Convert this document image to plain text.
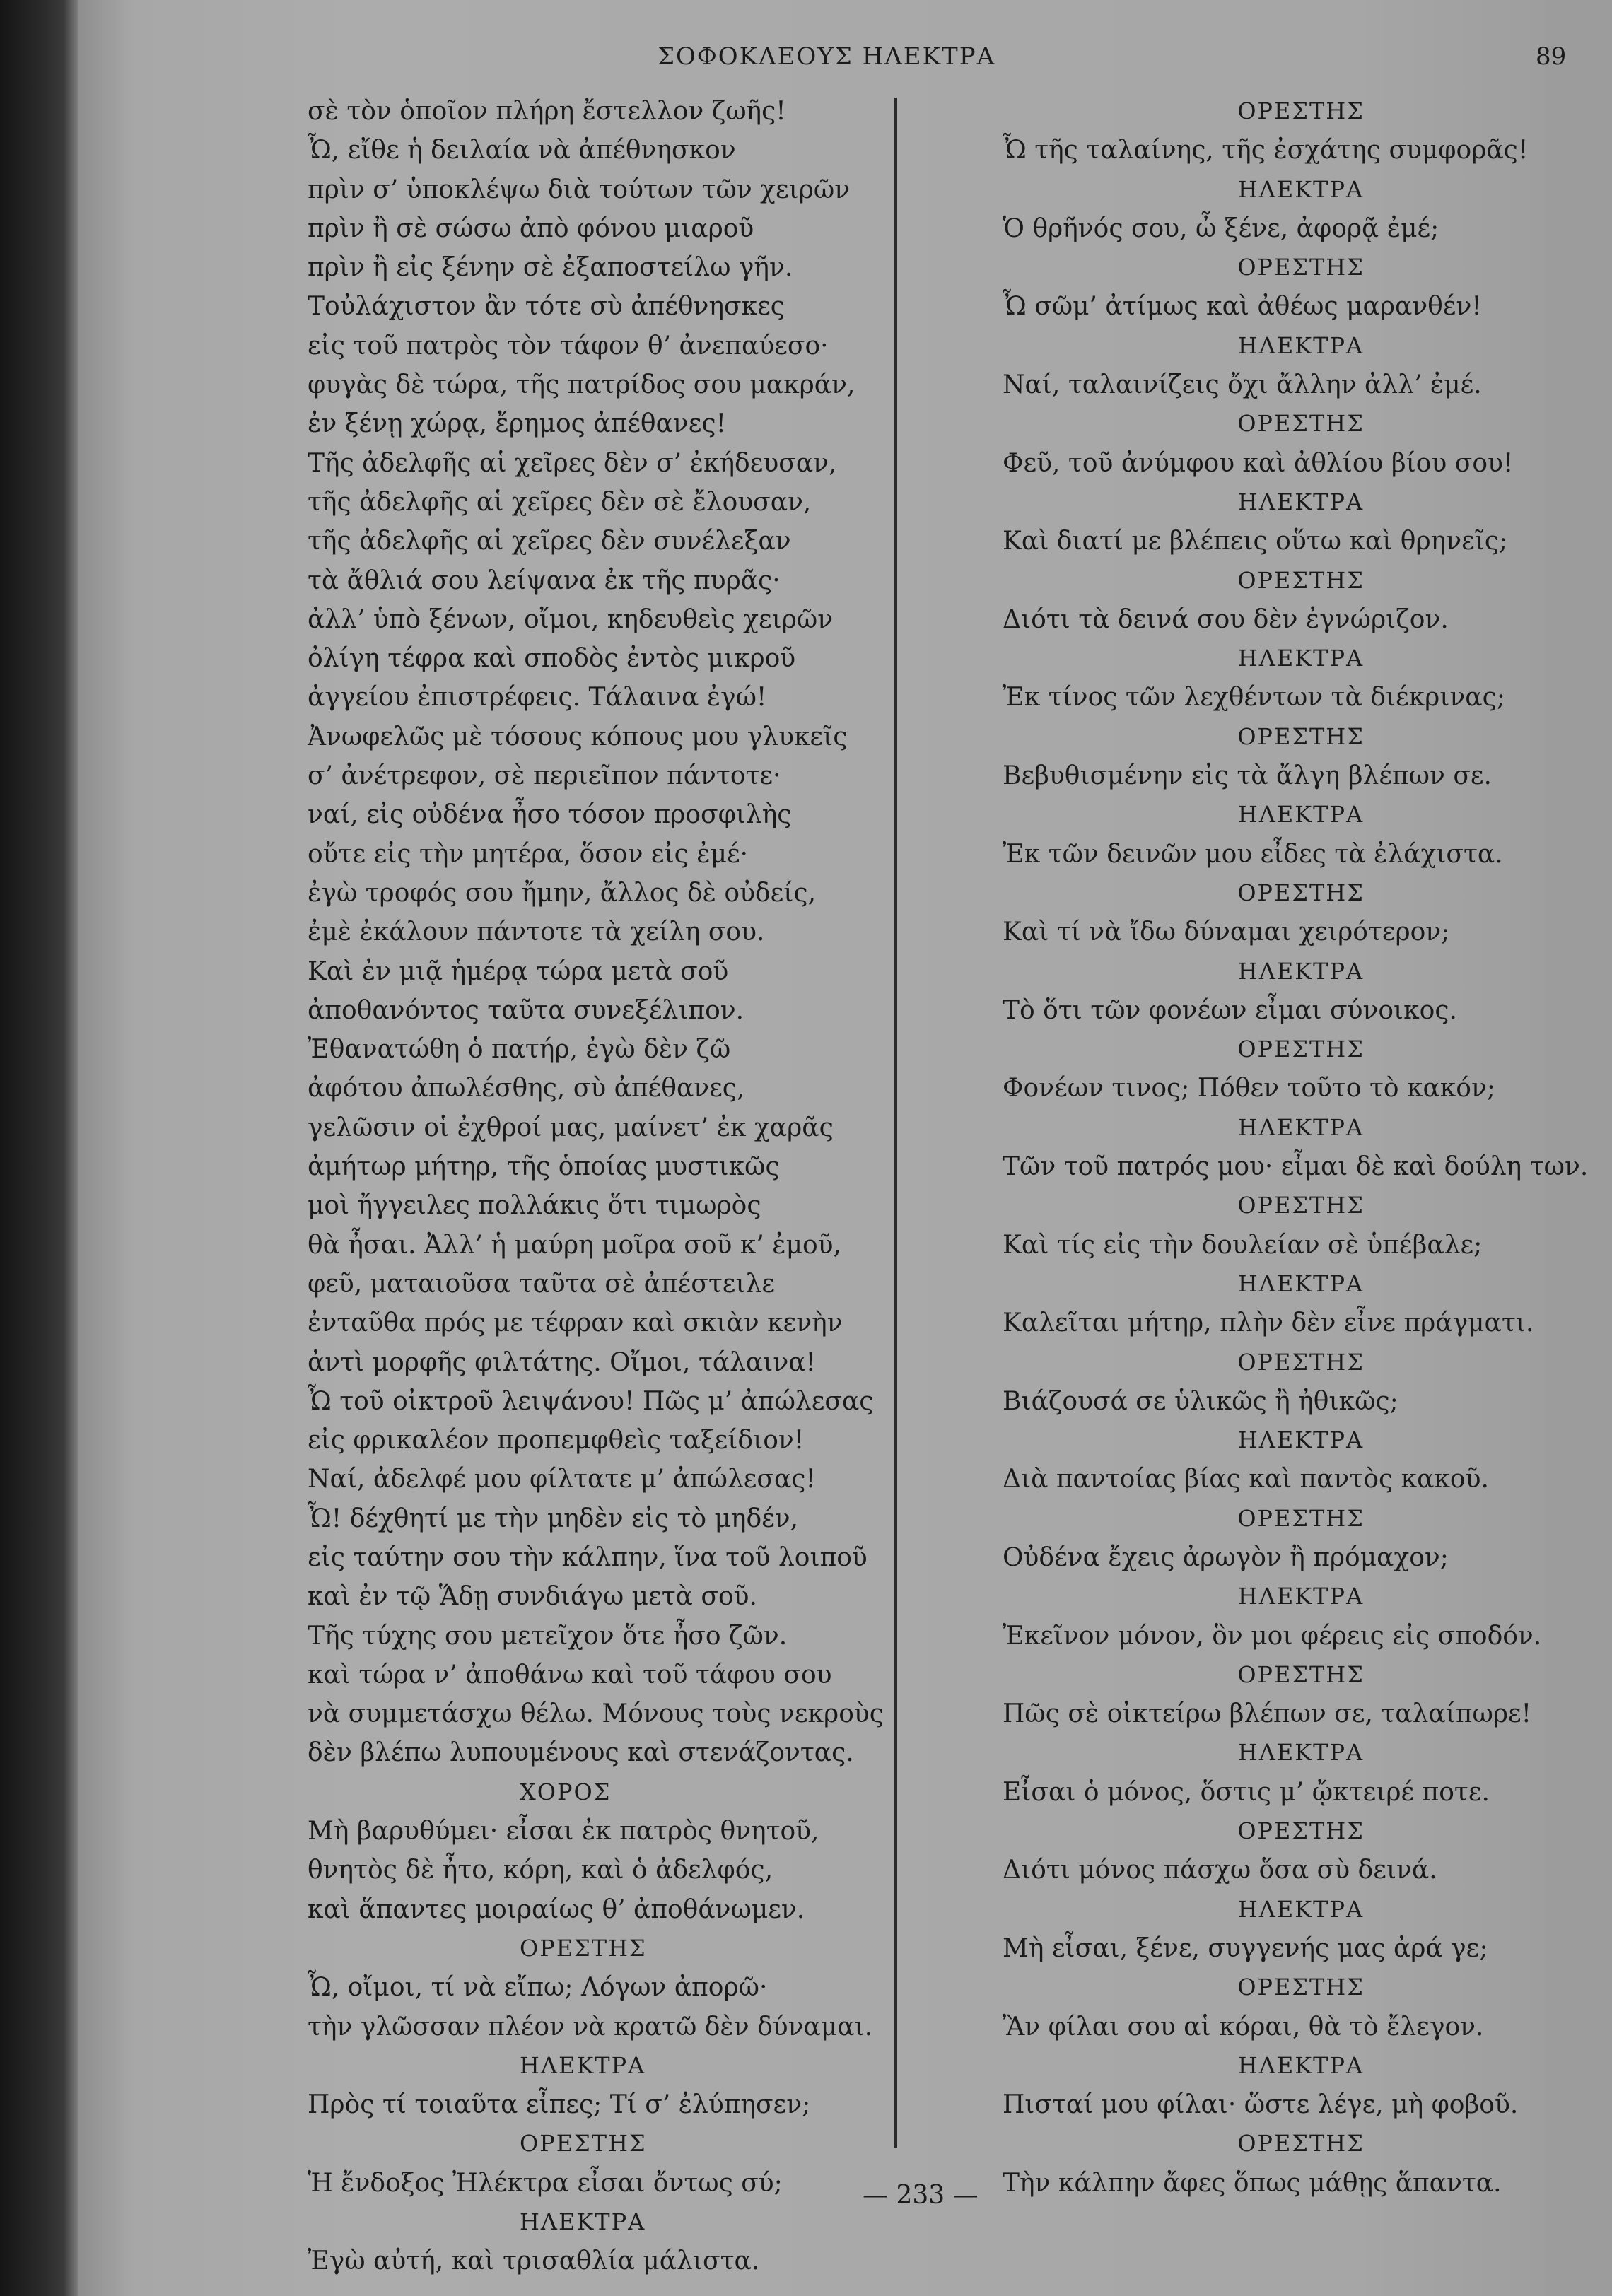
ΣΟΦΟΚΛΕΟΥΣ ΗΛΕΚΤΡΑ	89
σὲ τὸν ὁποῖον πλήρη ἔστελλον ζωῆς!
Ὦ, εἴθε ἡ δειλαία νὰ ἀπέθνησκον
πρὶν σ’ ὑποκλέψω διὰ τούτων τῶν χειρῶν
πρὶν ἢ σὲ σώσω ἀπὸ φόνου μιαροῦ
πρὶν ἢ εἰς ξένην σὲ ἐξαποστείλω γῆν.
Τοὐλάχιστον ἂν τότε σὺ ἀπέθνησκες
εἰς τοῦ πατρὸς τὸν τάφον θ’ ἀνεπαύεσο·
φυγὰς δὲ τώρα, τῆς πατρίδος σου μακράν,
ἐν ξένῃ χώρᾳ, ἔρημος ἀπέθανες!
Τῆς ἀδελφῆς αἱ χεῖρες δὲν σ’ ἐκήδευσαν,
τῆς ἀδελφῆς αἱ χεῖρες δὲν σὲ ἔλουσαν,
τῆς ἀδελφῆς αἱ χεῖρες δὲν συνέλεξαν
τὰ ἄθλιά σου λείψανα ἐκ τῆς πυρᾶς·
ἀλλ’ ὑπὸ ξένων, οἴμοι, κηδευθεὶς χειρῶν
ὀλίγη τέφρα καὶ σποδὸς ἐντὸς μικροῦ
ἀγγείου ἐπιστρέφεις. Τάλαινα ἐγώ!
Ἀνωφελῶς μὲ τόσους κόπους μου γλυκεῖς
σ’ ἀνέτρεφον, σὲ περιεῖπον πάντοτε·
ναί, εἰς οὐδένα ἦσο τόσον προσφιλὴς
οὔτε εἰς τὴν μητέρα, ὅσον εἰς ἐμέ·
ἐγὼ τροφός σου ἤμην, ἄλλος δὲ οὐδείς,
ἐμὲ ἐκάλουν πάντοτε τὰ χείλη σου.
Καὶ ἐν μιᾷ ἡμέρᾳ τώρα μετὰ σοῦ
ἀποθανόντος ταῦτα συνεξέλιπον.
Ἐθανατώθη ὁ πατήρ, ἐγὼ δὲν ζῶ
ἀφότου ἀπωλέσθης, σὺ ἀπέθανες,
γελῶσιν οἱ ἐχθροί μας, μαίνετ’ ἐκ χαρᾶς
ἀμήτωρ μήτηρ, τῆς ὁποίας μυστικῶς
μοὶ ἤγγειλες πολλάκις ὅτι τιμωρὸς
θὰ ἦσαι. Ἀλλ’ ἡ μαύρη μοῖρα σοῦ κ’ ἐμοῦ,
φεῦ, ματαιοῦσα ταῦτα σὲ ἀπέστειλε
ἐνταῦθα πρός με τέφραν καὶ σκιὰν κενὴν
ἀντὶ μορφῆς φιλτάτης. Οἴμοι, τάλαινα!
Ὦ τοῦ οἰκτροῦ λειψάνου! Πῶς μ’ ἀπώλεσας
εἰς φρικαλέον προπεμφθεὶς ταξείδιον!
Ναί, ἀδελφέ μου φίλτατε μ’ ἀπώλεσας!
Ὦ! δέχθητί με τὴν μηδὲν εἰς τὸ μηδέν,
εἰς ταύτην σου τὴν κάλπην, ἵνα τοῦ λοιποῦ
καὶ ἐν τῷ Ἅδῃ συνδιάγω μετὰ σοῦ.
Τῆς τύχης σου μετεῖχον ὅτε ἦσο ζῶν.
καὶ τώρα ν’ ἀποθάνω καὶ τοῦ τάφου σου
νὰ συμμετάσχω θέλω. Μόνους τοὺς νεκροὺς
δὲν βλέπω λυπουμένους καὶ στενάζοντας.
ΧΟΡΟΣ
Μὴ βαρυθύμει· εἶσαι ἐκ πατρὸς θνητοῦ,
θνητὸς δὲ ἦτο, κόρη, καὶ ὁ ἀδελφός,
καὶ ἅπαντες μοιραίως θ’ ἀποθάνωμεν.
ΟΡΕΣΤΗΣ
Ὦ, οἴμοι, τί νὰ εἴπω; Λόγων ἀπορῶ·
τὴν γλῶσσαν πλέον νὰ κρατῶ δὲν δύναμαι.
ΗΛΕΚΤΡΑ
Πρὸς τί τοιαῦτα εἶπες; Τί σ’ ἐλύπησεν;
ΟΡΕΣΤΗΣ
Ἡ ἔνδοξος Ἠλέκτρα εἶσαι ὄντως σύ;
ΗΛΕΚΤΡΑ
Ἐγὼ αὐτή, καὶ τρισαθλία μάλιστα.
ΟΡΕΣΤΗΣ
Ὦ τῆς ταλαίνης, τῆς ἐσχάτης συμφορᾶς!
ΗΛΕΚΤΡΑ
Ὁ θρῆνός σου, ὦ ξένε, ἀφορᾷ ἐμέ;
ΟΡΕΣΤΗΣ
Ὦ σῶμ’ ἀτίμως καὶ ἀθέως μαρανθέν!
ΗΛΕΚΤΡΑ
Ναί, ταλαινίζεις ὄχι ἄλλην ἀλλ’ ἐμέ.
ΟΡΕΣΤΗΣ
Φεῦ, τοῦ ἀνύμφου καὶ ἀθλίου βίου σου!
ΗΛΕΚΤΡΑ
Καὶ διατί με βλέπεις οὕτω καὶ θρηνεῖς;
ΟΡΕΣΤΗΣ
Διότι τὰ δεινά σου δὲν ἐγνώριζον.
ΗΛΕΚΤΡΑ
Ἐκ τίνος τῶν λεχθέντων τὰ διέκρινας;
ΟΡΕΣΤΗΣ
Βεβυθισμένην εἰς τὰ ἄλγη βλέπων σε.
ΗΛΕΚΤΡΑ
Ἐκ τῶν δεινῶν μου εἶδες τὰ ἐλάχιστα.
ΟΡΕΣΤΗΣ
Καὶ τί νὰ ἴδω δύναμαι χειρότερον;
ΗΛΕΚΤΡΑ
Τὸ ὅτι τῶν φονέων εἶμαι σύνοικος.
ΟΡΕΣΤΗΣ
Φονέων τινος; Πόθεν τοῦτο τὸ κακόν;
ΗΛΕΚΤΡΑ
Τῶν τοῦ πατρός μου· εἶμαι δὲ καὶ δούλη των.
ΟΡΕΣΤΗΣ
Καὶ τίς εἰς τὴν δουλείαν σὲ ὑπέβαλε;
ΗΛΕΚΤΡΑ
Καλεῖται μήτηρ, πλὴν δὲν εἶνε πράγματι.
ΟΡΕΣΤΗΣ
Βιάζουσά σε ὑλικῶς ἢ ἠθικῶς;
ΗΛΕΚΤΡΑ
Διὰ παντοίας βίας καὶ παντὸς κακοῦ.
ΟΡΕΣΤΗΣ
Οὐδένα ἔχεις ἀρωγὸν ἢ πρόμαχον;
ΗΛΕΚΤΡΑ
Ἐκεῖνον μόνον, ὃν μοι φέρεις εἰς σποδόν.
ΟΡΕΣΤΗΣ
Πῶς σὲ οἰκτείρω βλέπων σε, ταλαίπωρε!
ΗΛΕΚΤΡΑ
Εἶσαι ὁ μόνος, ὅστις μ’ ᾤκτειρέ ποτε.
ΟΡΕΣΤΗΣ
Διότι μόνος πάσχω ὅσα σὺ δεινά.
ΗΛΕΚΤΡΑ
Μὴ εἶσαι, ξένε, συγγενής μας ἀρά γε;
ΟΡΕΣΤΗΣ
Ἂν φίλαι σου αἱ κόραι, θὰ τὸ ἔλεγον.
ΗΛΕΚΤΡΑ
Πισταί μου φίλαι· ὥστε λέγε, μὴ φοβοῦ.
ΟΡΕΣΤΗΣ
Τὴν κάλπην ἄφες ὅπως μάθῃς ἅπαντα.
— 233 —
